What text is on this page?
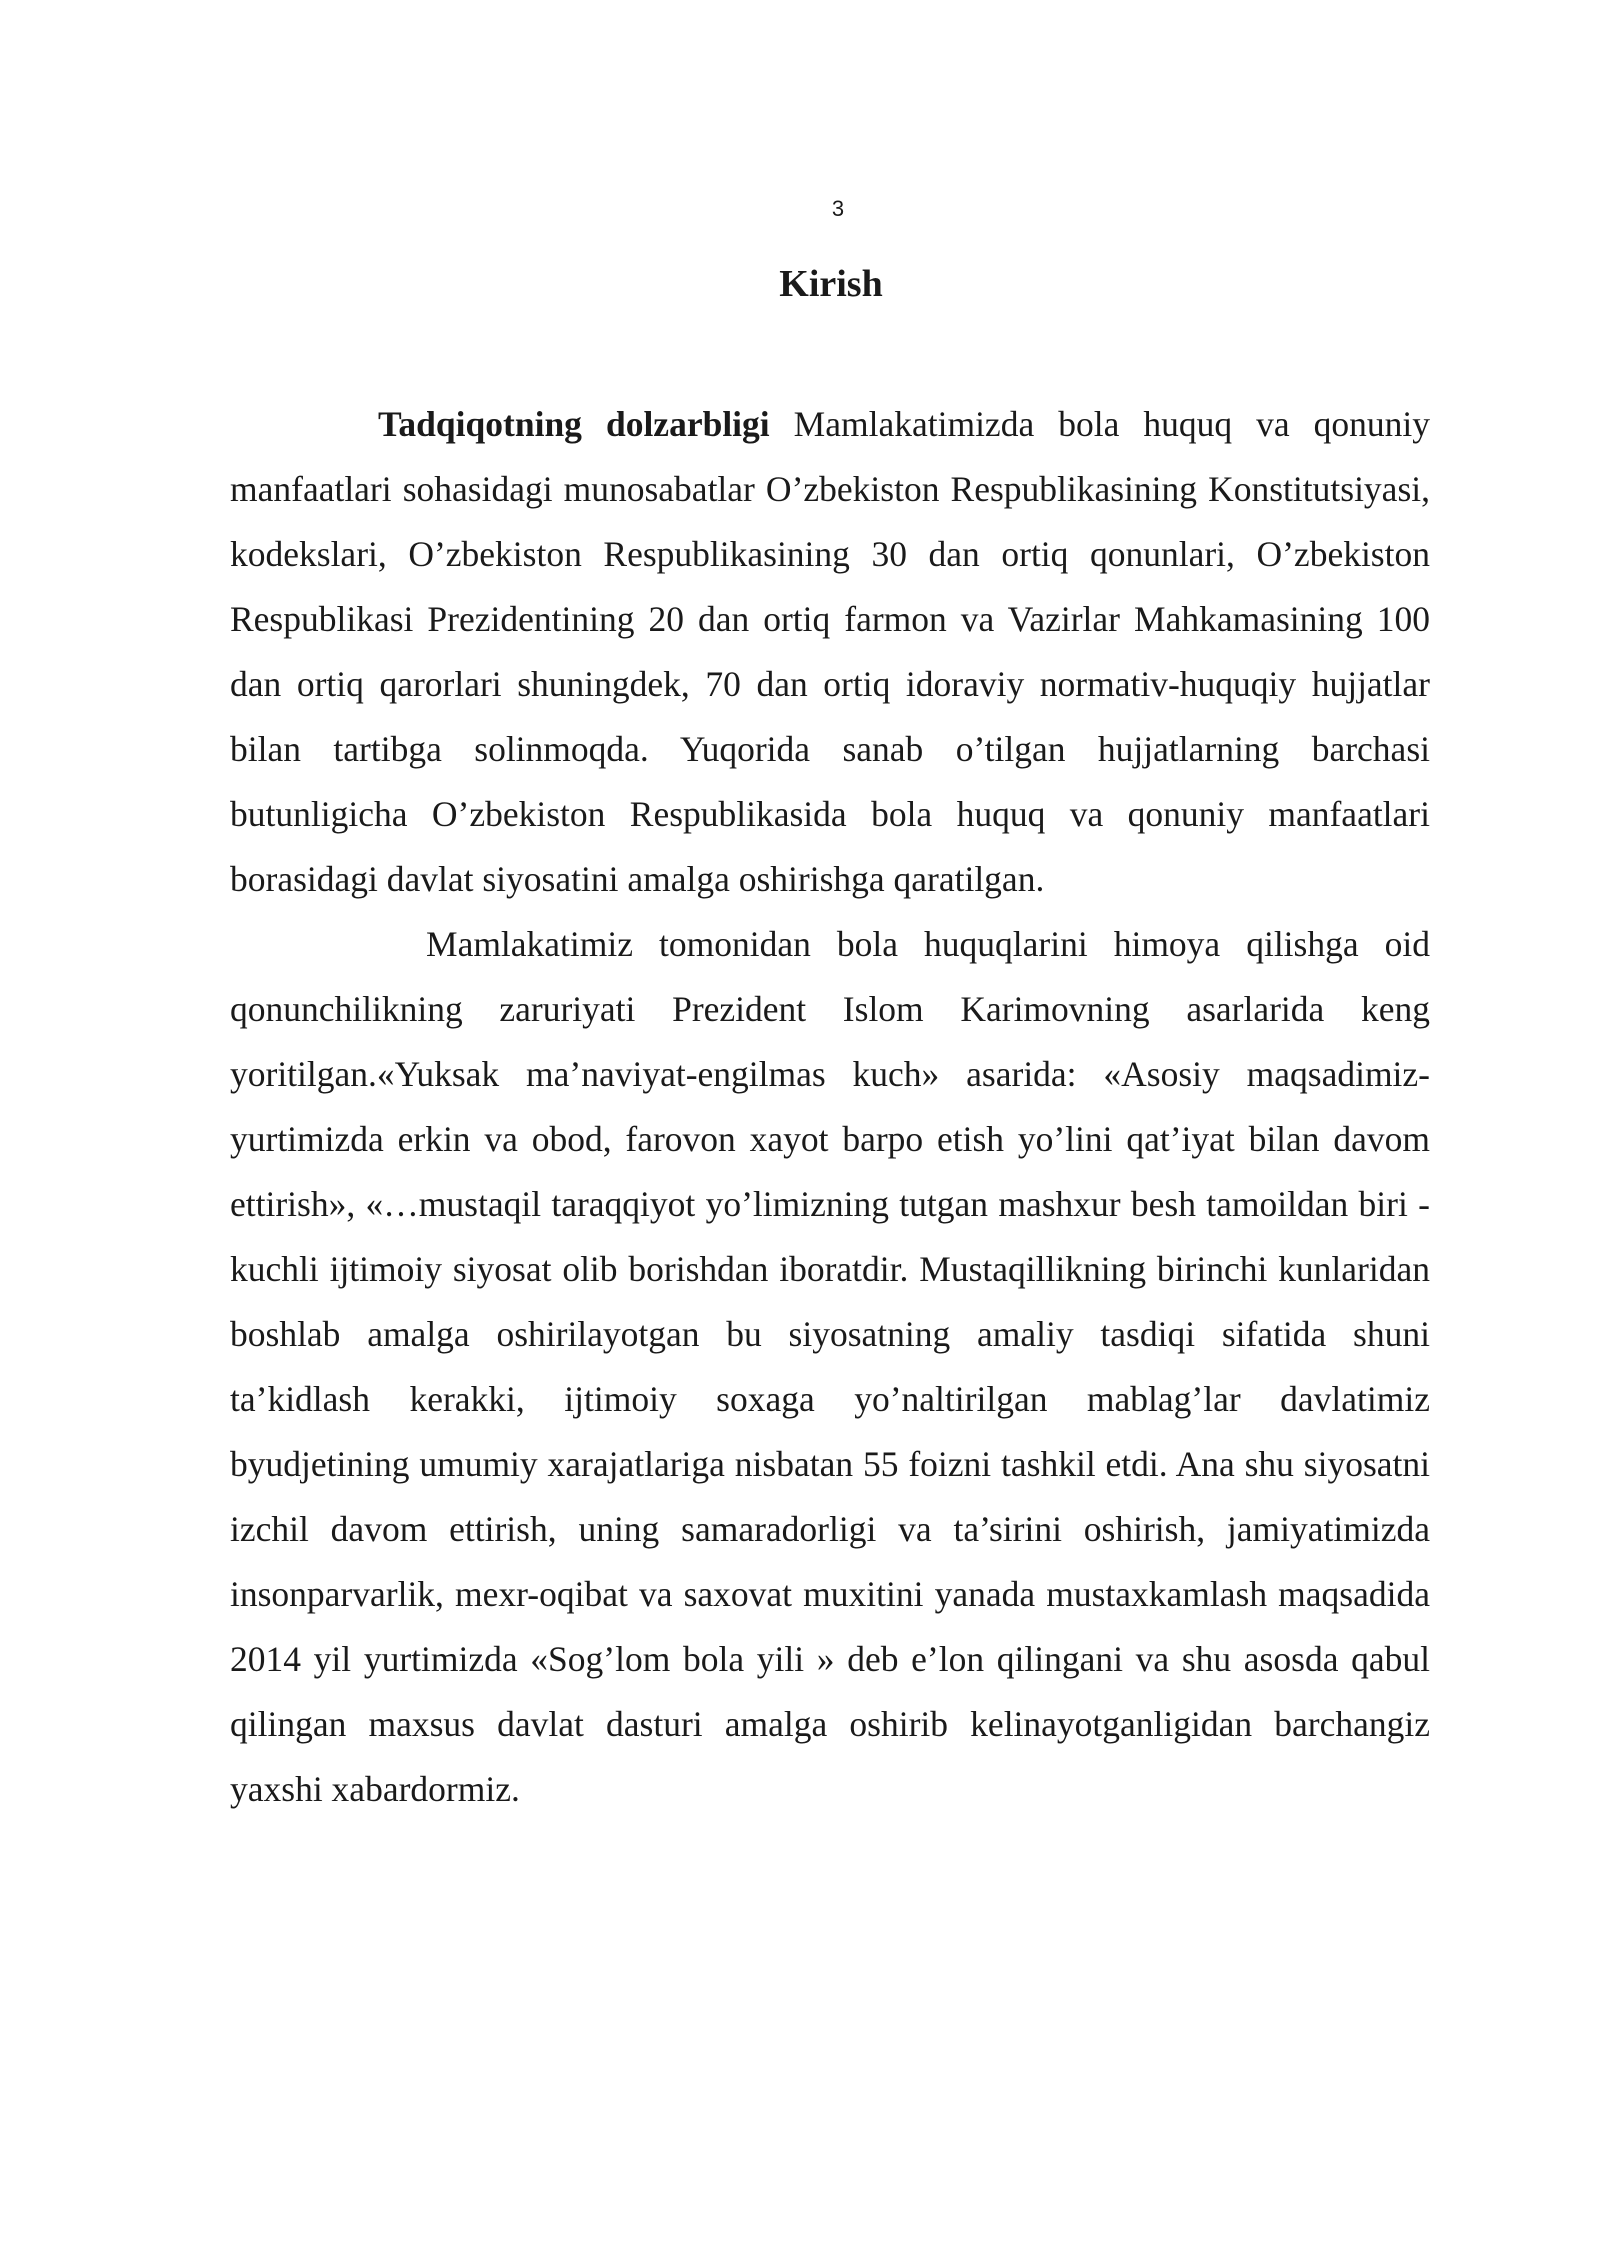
3
Kirish

Tadqiqotning dolzarbligi Mamlakatimizda bola huquq va qonuniy manfaatlari sohasidagi munosabatlar O’zbekiston Respublikasining Konstitutsiyasi, kodekslari, O’zbekiston Respublikasining 30 dan ortiq qonunlari, O’zbekiston Respublikasi Prezidentining 20 dan ortiq farmon va Vazirlar Mahkamasining 100 dan ortiq qarorlari shuningdek, 70 dan ortiq idoraviy normativ-huquqiy hujjatlar bilan tartibga solinmoqda. Yuqorida sanab o’tilgan hujjatlarning barchasi butunligicha O’zbekiston Respublikasida bola huquq va qonuniy manfaatlari borasidagi davlat siyosatini amalga oshirishga qaratilgan.

Mamlakatimiz tomonidan bola huquqlarini himoya qilishga oid qonunchilikning zaruriyati Prezident Islom Karimovning asarlarida keng yoritilgan.«Yuksak ma’naviyat-engilmas kuch» asarida: «Asosiy maqsadimiz- yurtimizda erkin va obod, farovon xayot barpo etish yo’lini qat’iyat bilan davom ettirish», «…mustaqil taraqqiyot yo’limizning tutgan mashxur besh tamoildan biri - kuchli ijtimoiy siyosat olib borishdan iboratdir. Mustaqillikning birinchi kunlaridan boshlab amalga oshirilayotgan bu siyosatning amaliy tasdiqi sifatida shuni ta’kidlash kerakki, ijtimoiy soxaga yo’naltirilgan mablag’lar davlatimiz byudjetining umumiy xarajatlariga nisbatan 55 foizni tashkil etdi. Ana shu siyosatni izchil davom ettirish, uning samaradorligi va ta’sirini oshirish, jamiyatimizda insonparvarlik, mexr-oqibat va saxovat muxitini yanada mustaxkamlash maqsadida 2014 yil yurtimizda «Sog’lom bola yili » deb e’lon qilingani va shu asosda qabul qilingan maxsus davlat dasturi amalga oshirib kelinayotganligidan barchangiz yaxshi xabardormiz.
